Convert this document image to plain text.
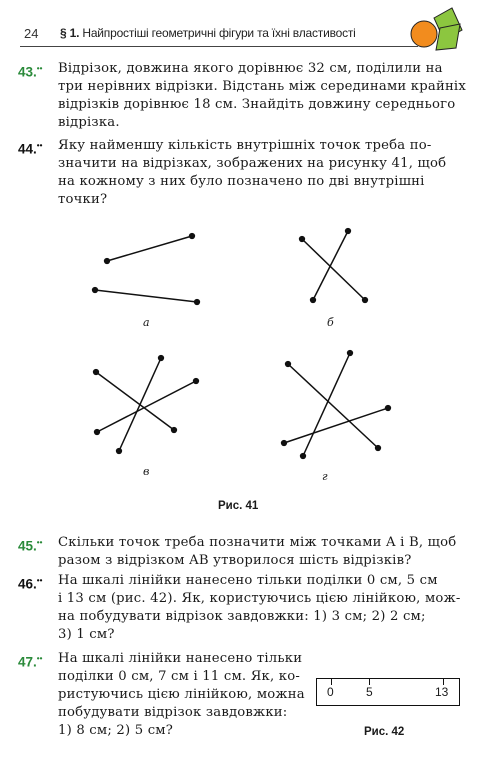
24 § 1. Найпростіші геометричні фігури та їхні властивості
43.•• Відрізок, довжина якого дорівнює 32 см, поділили на
три нерівних відрізки. Відстань між серединами крайніх
відрізків дорівнює 18 см. Знайдіть довжину середнього
відрізка.
44.•• Яку найменшу кількість внутрішніх точок треба по-
значити на відрізках, зображених на рисунку 41, щоб
на кожному з них було позначено по дві внутрішні
точки?
а	б
в	г
Рис. 41
45.•• Скільки точок треба позначити між точками A і B, щоб
разом з відрізком AB утворилося шість відрізків?
46.•• На шкалі лінійки нанесено тільки поділки 0 см, 5 см
і 13 см (рис. 42). Як, користуючись цією лінійкою, мож-
на побудувати відрізок завдовжки: 1) 3 см; 2) 2 см;
3) 1 см?
47.•• На шкалі лінійки нанесено тільки
поділки 0 см, 7 см і 11 см. Як, ко-
ристуючись цією лінійкою, можна
побудувати відрізок завдовжки:
1) 8 см; 2) 5 см?
0	5	13
Рис. 42
